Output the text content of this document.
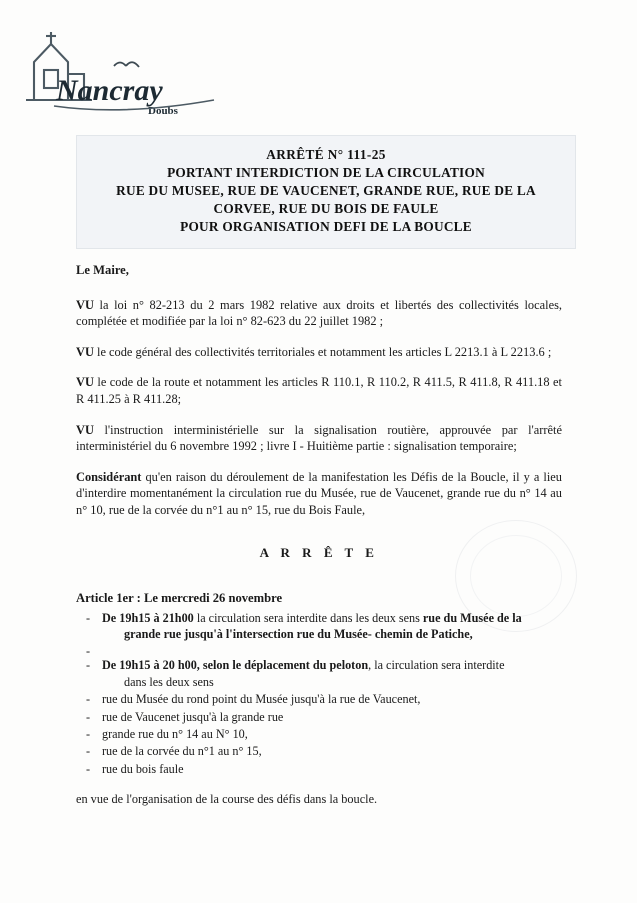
Nancray
Doubs
ARRÊTÉ N° 111-25
PORTANT INTERDICTION DE LA CIRCULATION
RUE DU MUSEE, RUE DE VAUCENET, GRANDE RUE, RUE DE LA
CORVEE, RUE DU BOIS DE FAULE
POUR ORGANISATION DEFI DE LA BOUCLE
Le Maire,

VU la loi n° 82-213 du 2 mars 1982 relative aux droits et libertés des collectivités locales, complétée et modifiée par la loi n° 82-623 du 22 juillet 1982 ;

VU le code général des collectivités territoriales et notamment les articles L 2213.1 à L 2213.6 ;

VU le code de la route et notamment les articles R 110.1, R 110.2, R 411.5, R 411.8, R 411.18 et R 411.25 à R 411.28;

VU l'instruction interministérielle sur la signalisation routière, approuvée par l'arrêté interministériel du 6 novembre 1992 ; livre I - Huitième partie : signalisation temporaire;

Considérant qu'en raison du déroulement de la manifestation les Défis de la Boucle, il y a lieu d'interdire momentanément la circulation rue du Musée, rue de Vaucenet, grande rue du n° 14 au n° 10, rue de la corvée du n°1 au n° 15, rue du Bois Faule,

A R R Ê T E
Article 1er : Le mercredi 26 novembre
- De 19h15 à 21h00 la circulation sera interdite dans les deux sens rue du Musée de la
grande rue jusqu'à l'intersection rue du Musée- chemin de Patiche,
-
- De 19h15 à 20 h00, selon le déplacement du peloton, la circulation sera interdite
dans les deux sens
- rue du Musée du rond point du Musée jusqu'à la rue de Vaucenet,
- rue de Vaucenet jusqu'à la grande rue
- grande rue du n° 14 au N° 10,
- rue de la corvée du n°1 au n° 15,
- rue du bois faule
en vue de l'organisation de la course des défis dans la boucle.
